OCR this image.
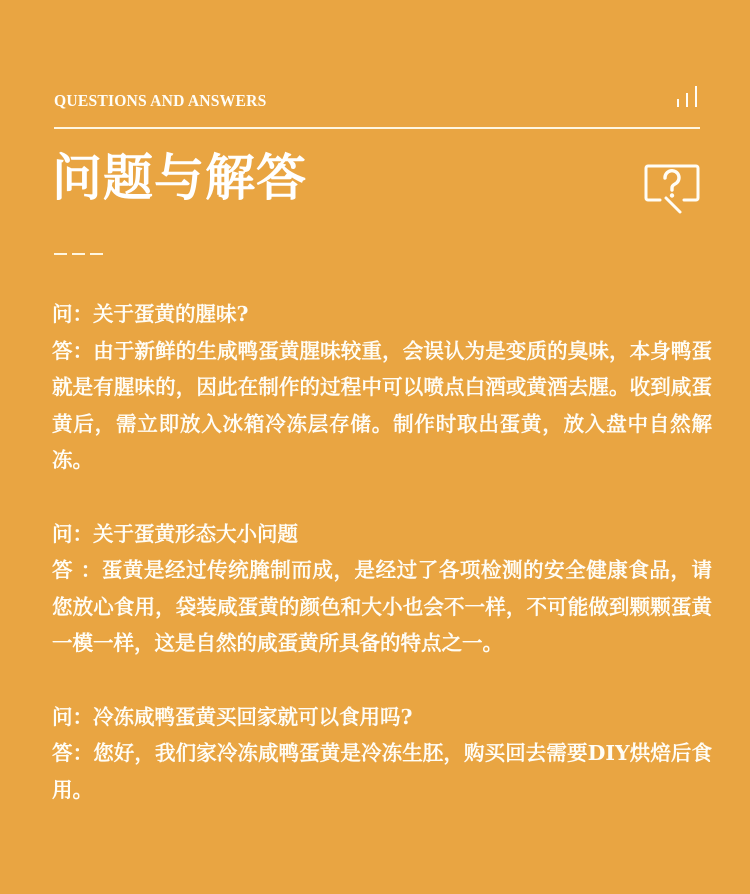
QUESTIONS AND ANSWERS
问题与解答

问：关于蛋黄的腥味?

答：由于新鲜的生咸鸭蛋黄腥味较重，会误认为是变质的臭味，本身鸭蛋就是有腥味的，因此在制作的过程中可以喷点白酒或黄酒去腥。收到咸蛋黄后，需立即放入冰箱冷冻层存储。制作时取出蛋黄，放入盘中自然解冻。

问：关于蛋黄形态大小问题

答 ：蛋黄是经过传统腌制而成，是经过了各项检测的安全健康食品，请您放心食用，袋装咸蛋黄的颜色和大小也会不一样，不可能做到颗颗蛋黄一模一样，这是自然的咸蛋黄所具备的特点之一。

问：冷冻咸鸭蛋黄买回家就可以食用吗?

答：您好，我们家冷冻咸鸭蛋黄是冷冻生胚，购买回去需要DIY烘焙后食用。
